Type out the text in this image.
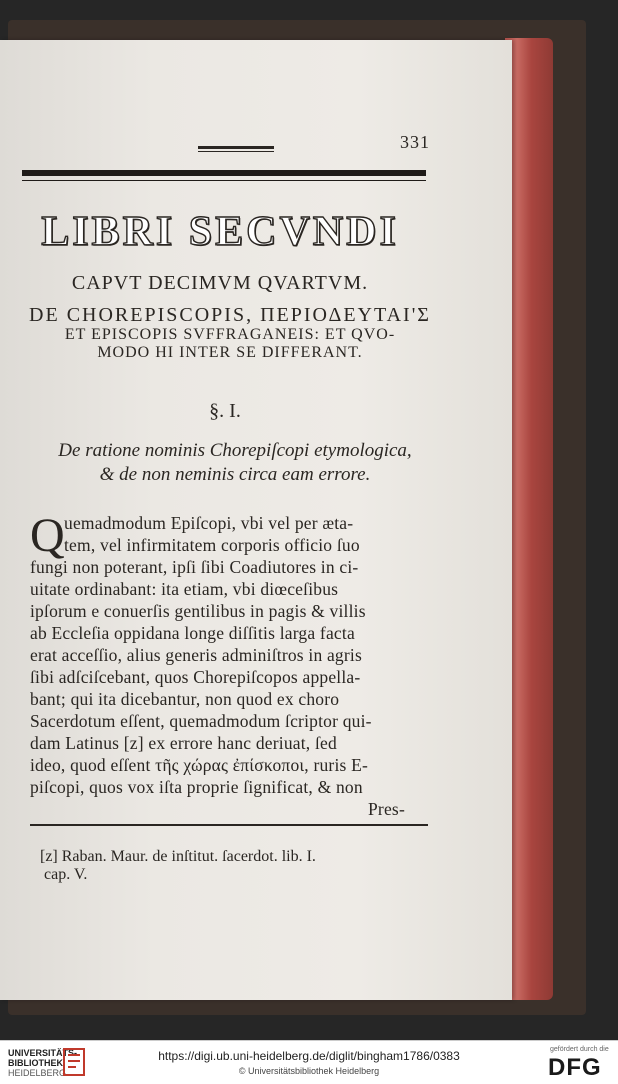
331
LIBRI SECVNDI
CAPVT DECIMVM QVARTVM.
DE CHOREPISCOPIS, ΠΕΡΙΟΔΕΥΤΑΙ'Σ
ET EPISCOPIS SVFFRAGANEIS: ET QVO-
MODO HI INTER SE DIFFERANT.
§. I.
De ratione nominis Chorepiſcopi etymologica,
& de non neminis circa eam errore.
Q uemadmodum Epiſcopi, vbi vel per æta-
tem, vel infirmitatem corporis officio ſuo
fungi non poterant, ipſi ſibi Coadiutores in ci-
uitate ordinabant: ita etiam, vbi diœceſibus
ipſorum e conuerſis gentilibus in pagis & villis
ab Eccleſia oppidana longe diſſitis larga facta
erat acceſſio, alius generis adminiſtros in agris
ſibi adſciſcebant, quos Chorepiſcopos appella-
bant; qui ita dicebantur, non quod ex choro
Sacerdotum eſſent, quemadmodum ſcriptor qui-
dam Latinus [z] ex errore hanc deriuat, ſed
ideo, quod eſſent τῆς χώρας ἐπίσκοποι, ruris E-
piſcopi, quos vox iſta proprie ſignificat, & non
Pres-
[z] Raban. Maur. de inſtitut. ſacerdot. lib. I.
cap. V.
UNIVERSITÄTS-
BIBLIOTHEK
HEIDELBERG
https://digi.ub.uni-heidelberg.de/diglit/bingham1786/0383
© Universitätsbibliothek Heidelberg
gefördert durch die
DFG
